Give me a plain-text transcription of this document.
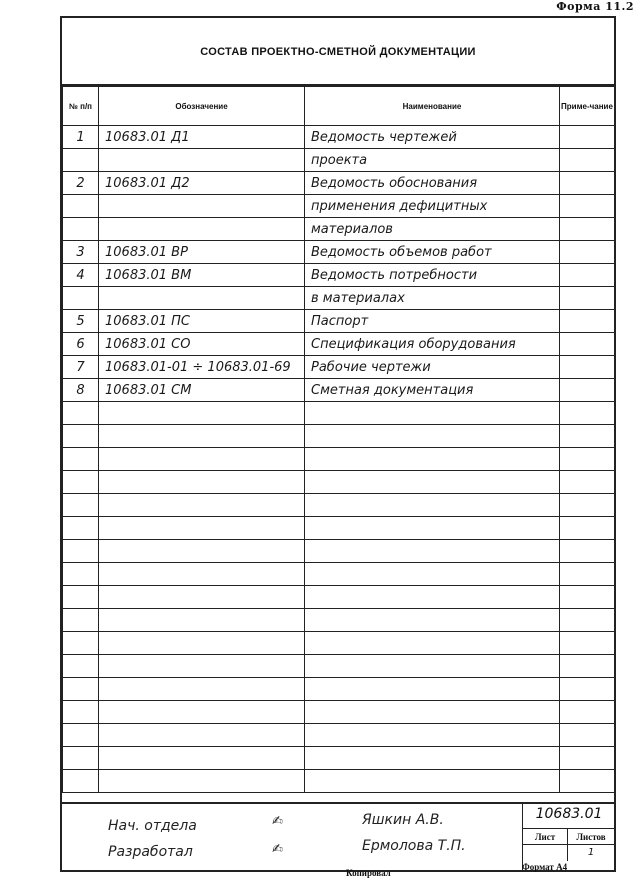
Форма 11.2
СОСТАВ ПРОЕКТНО-СМЕТНОЙ ДОКУМЕНТАЦИИ
№ п/п	Обозначение	Наименование	Приме-чание
1	10683.01 Д1	Ведомость чертежей	
		проекта	
2	10683.01 Д2	Ведомость обоснования	
		применения дефицитных	
		материалов	
3	10683.01 ВР	Ведомость объемов работ	
4	10683.01 ВМ	Ведомость потребности	
		в материалах	
5	10683.01 ПС	Паспорт	
6	10683.01 СО	Спецификация оборудования	
7	10683.01-01 ÷ 10683.01-69	Рабочие чертежи	
8	10683.01 СМ	Сметная документация	

Нач. отдела	✍	Яшкин А.В.
Разработал	✍	Ермолова Т.П.
10683.01
Лист	Листов
1
Копировал
Формат А4
